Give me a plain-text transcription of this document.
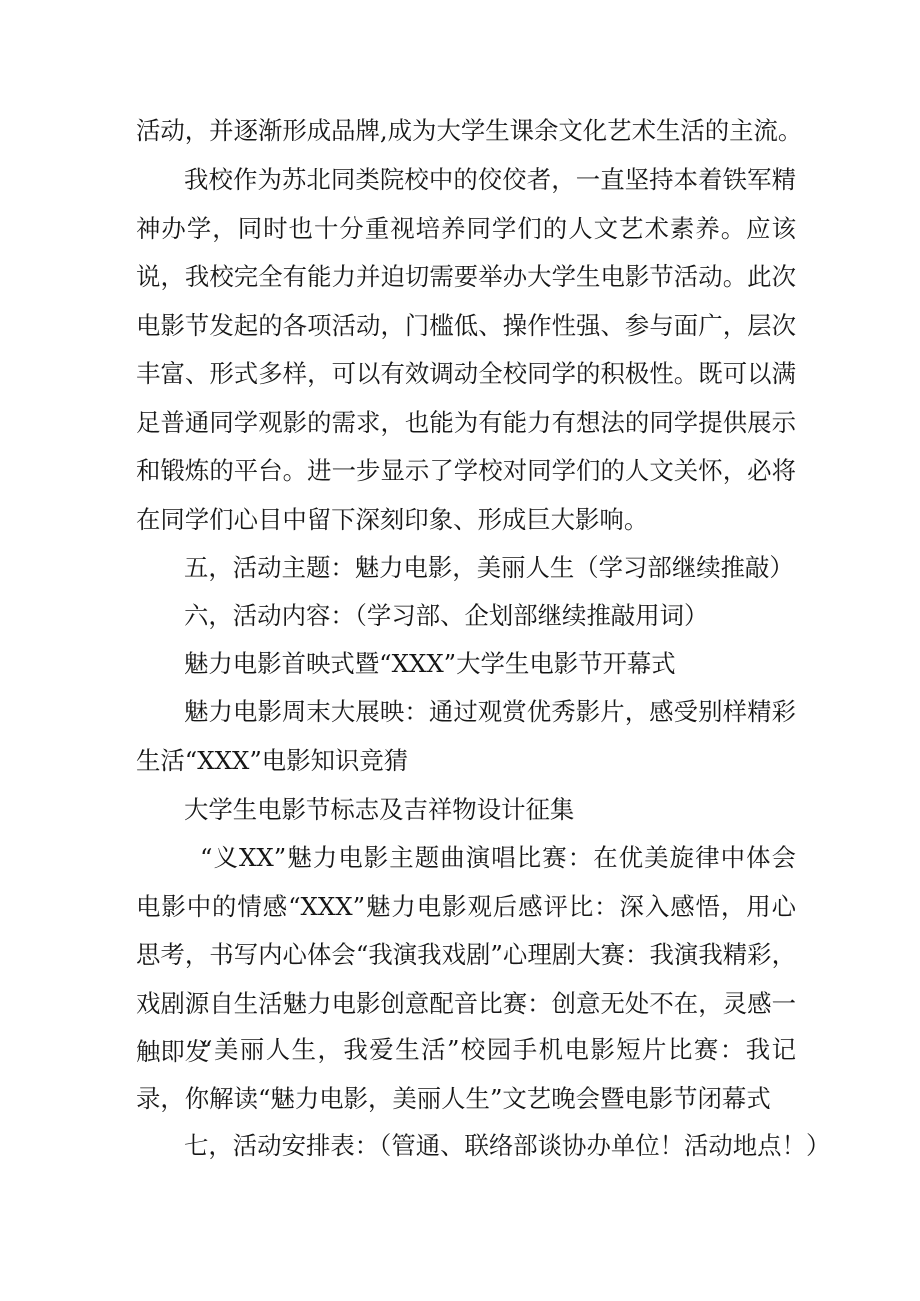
活动，并逐渐形成品牌,成为大学生课余文化艺术生活的主流。

我校作为苏北同类院校中的佼佼者，一直坚持本着铁军精神办学，同时也十分重视培养同学们的人文艺术素养。应该说，我校完全有能力并迫切需要举办大学生电影节活动。此次电影节发起的各项活动，门槛低、操作性强、参与面广，层次丰富、形式多样，可以有效调动全校同学的积极性。既可以满足普通同学观影的需求，也能为有能力有想法的同学提供展示和锻炼的平台。进一步显示了学校对同学们的人文关怀，必将在同学们心目中留下深刻印象、形成巨大影响。

五，活动主题：魅力电影，美丽人生（学习部继续推敲）

六，活动内容：（学习部、企划部继续推敲用词）

魅力电影首映式暨“XXX”大学生电影节开幕式

魅力电影周末大展映：通过观赏优秀影片，感受别样精彩生活“XXX”电影知识竞猜

大学生电影节标志及吉祥物设计征集

“义XX”魅力电影主题曲演唱比赛：在优美旋律中体会电影中的情感“XXX”魅力电影观后感评比：深入感悟，用心思考，书写内心体会“我演我戏剧”心理剧大赛：我演我精彩，戏剧源自生活魅力电影创意配音比赛：创意无处不在，灵感一触即发

“美丽人生，我爱生活”校园手机电影短片比赛：我记录，你解读“魅力电影，美丽人生”文艺晚会暨电影节闭幕式

七，活动安排表：（管通、联络部谈协办单位！活动地点！）
